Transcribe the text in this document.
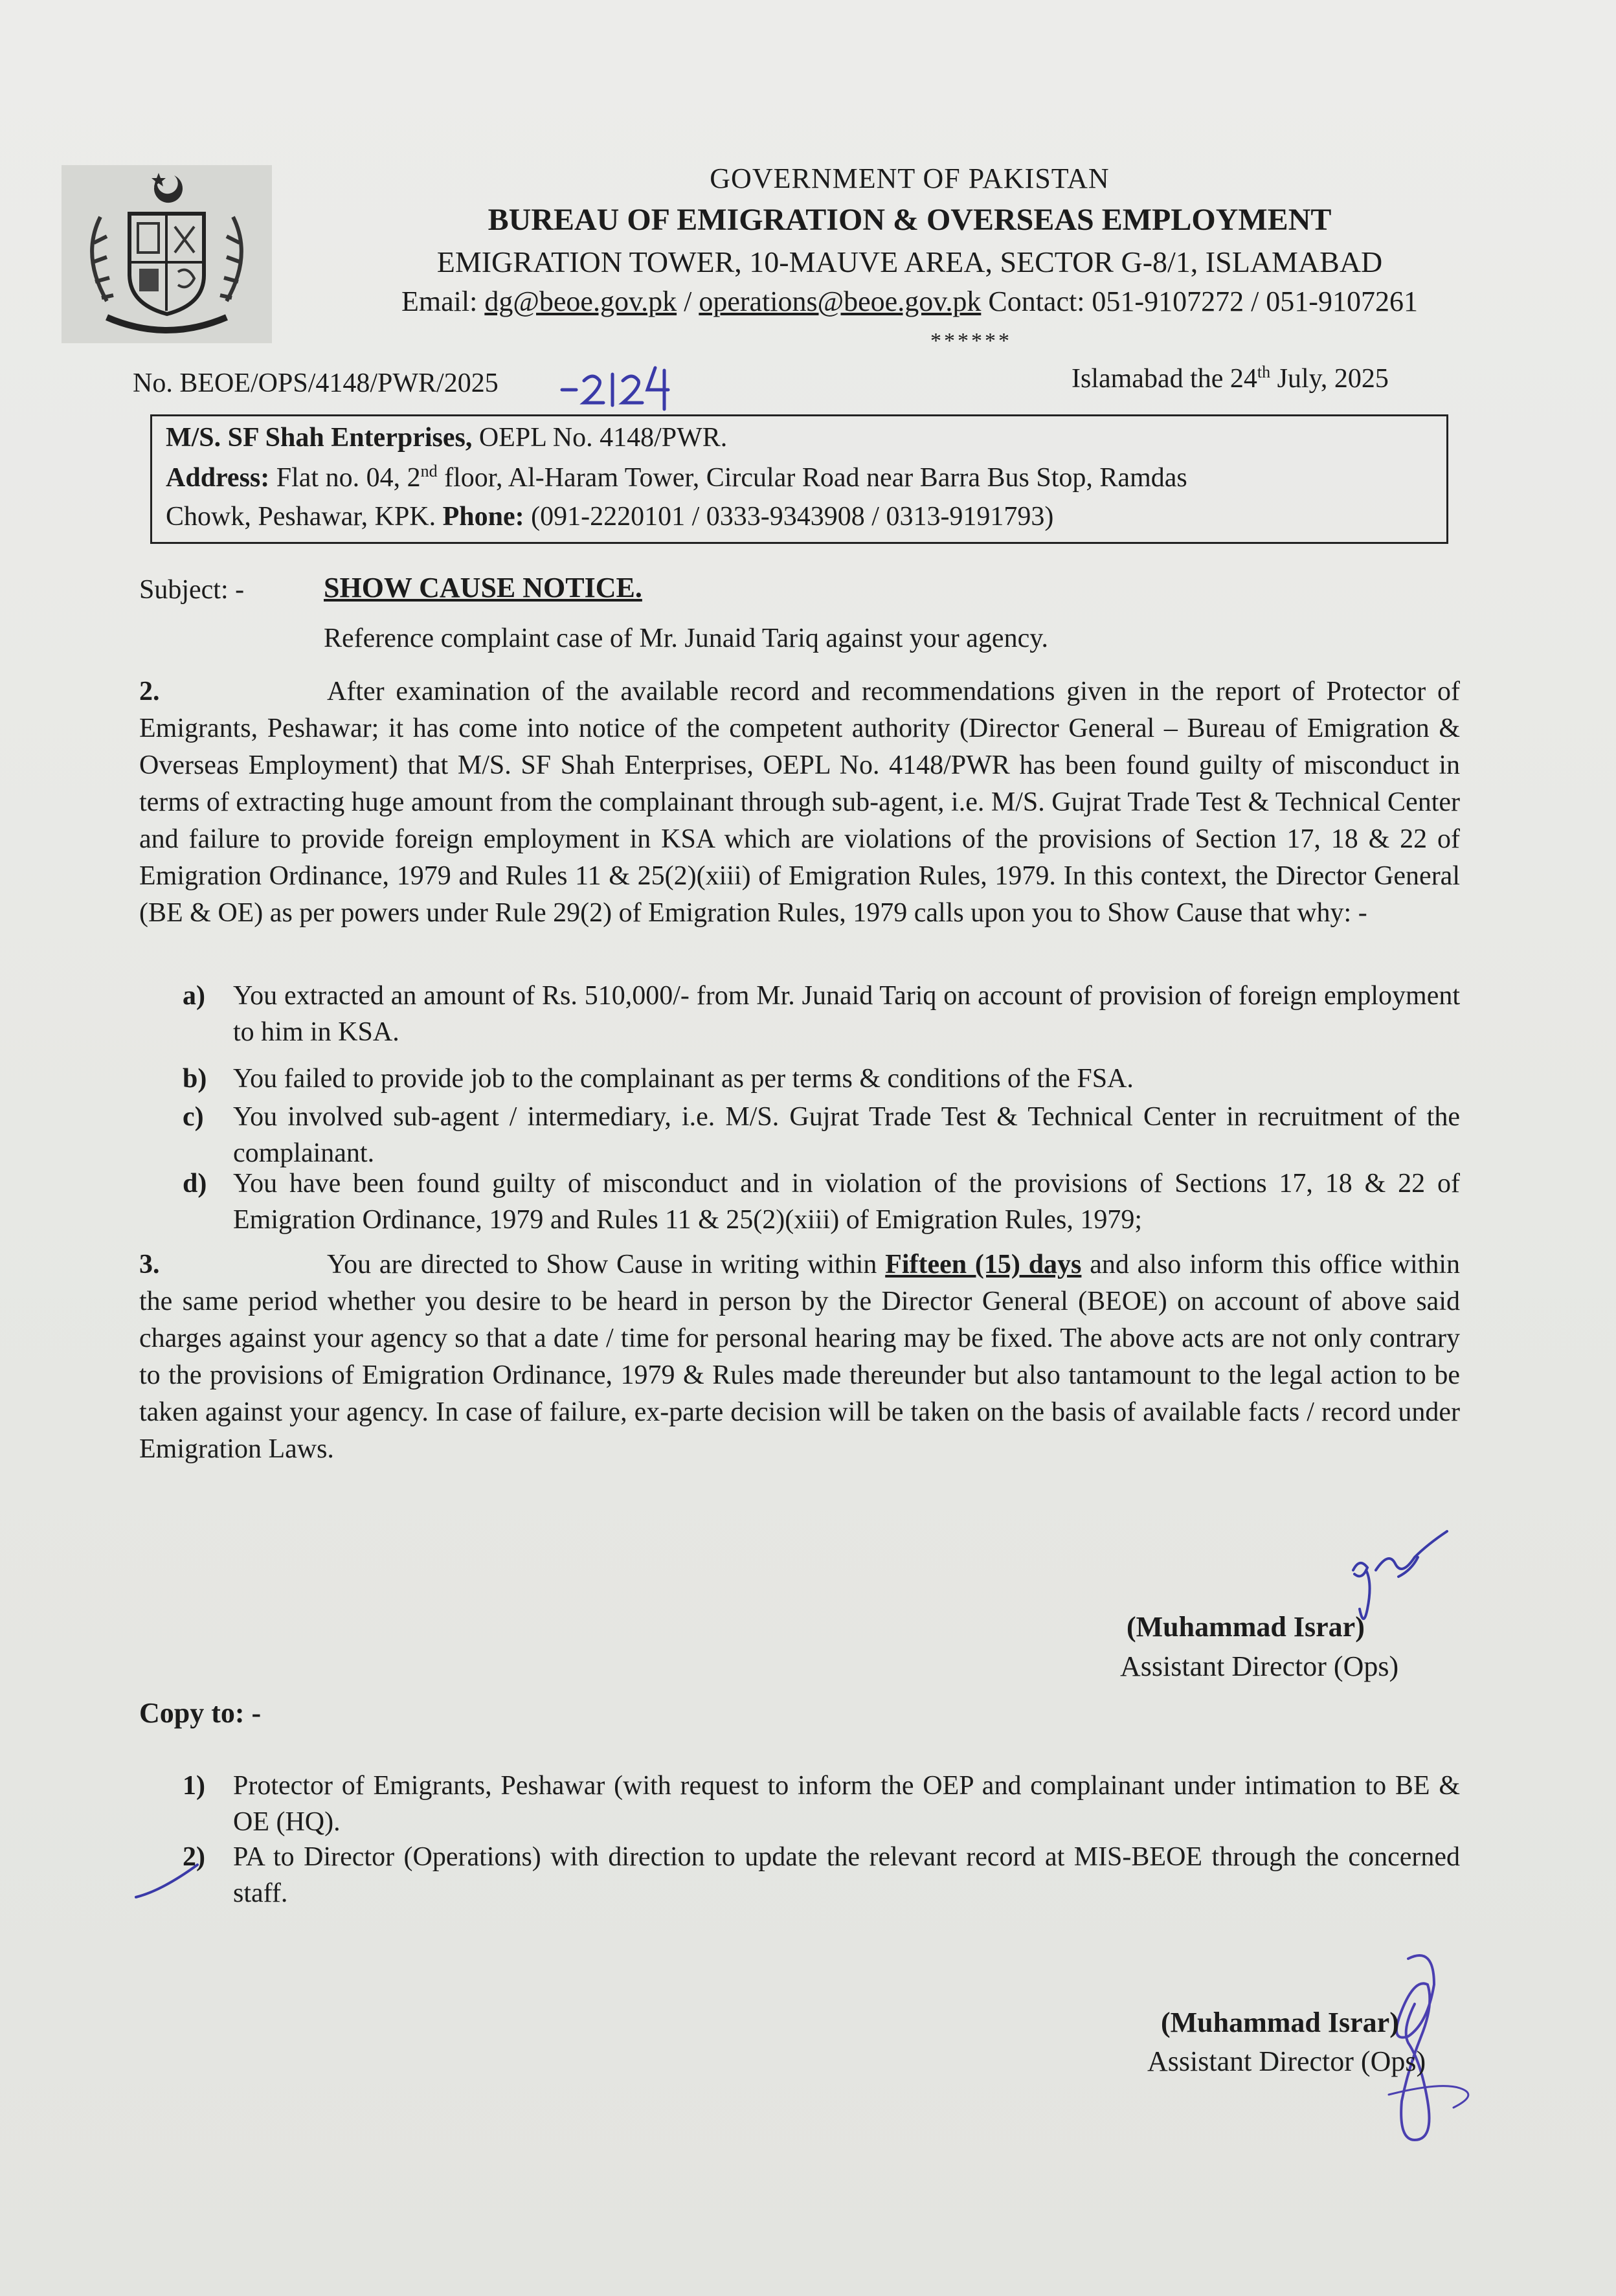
GOVERNMENT OF PAKISTAN
BUREAU OF EMIGRATION & OVERSEAS EMPLOYMENT
EMIGRATION TOWER, 10-MAUVE AREA, SECTOR G-8/1, ISLAMABAD
Email: dg@beoe.gov.pk / operations@beoe.gov.pk Contact: 051-9107272 / 051-9107261
******
No. BEOE/OPS/4148/PWR/2025	Islamabad the 24th July, 2025
M/S. SF Shah Enterprises, OEPL No. 4148/PWR.
Address: Flat no. 04, 2nd floor, Al-Haram Tower, Circular Road near Barra Bus Stop, Ramdas
Chowk, Peshawar, KPK. Phone: (091-2220101 / 0333-9343908 / 0313-9191793)
Subject: -	SHOW CAUSE NOTICE.
Reference complaint case of Mr. Junaid Tariq against your agency.
2.	After examination of the available record and recommendations given in the report of Protector of Emigrants, Peshawar; it has come into notice of the competent authority (Director General – Bureau of Emigration & Overseas Employment) that M/S. SF Shah Enterprises, OEPL No. 4148/PWR has been found guilty of misconduct in terms of extracting huge amount from the complainant through sub-agent, i.e. M/S. Gujrat Trade Test & Technical Center and failure to provide foreign employment in KSA which are violations of the provisions of Section 17, 18 & 22 of Emigration Ordinance, 1979 and Rules 11 & 25(2)(xiii) of Emigration Rules, 1979. In this context, the Director General (BE & OE) as per powers under Rule 29(2) of Emigration Rules, 1979 calls upon you to Show Cause that why: -
a) You extracted an amount of Rs. 510,000/- from Mr. Junaid Tariq on account of provision of foreign employment to him in KSA.
b) You failed to provide job to the complainant as per terms & conditions of the FSA.
c) You involved sub-agent / intermediary, i.e. M/S. Gujrat Trade Test & Technical Center in recruitment of the complainant.
d) You have been found guilty of misconduct and in violation of the provisions of Sections 17, 18 & 22 of Emigration Ordinance, 1979 and Rules 11 & 25(2)(xiii) of Emigration Rules, 1979;
3.	You are directed to Show Cause in writing within Fifteen (15) days and also inform this office within the same period whether you desire to be heard in person by the Director General (BEOE) on account of above said charges against your agency so that a date / time for personal hearing may be fixed. The above acts are not only contrary to the provisions of Emigration Ordinance, 1979 & Rules made thereunder but also tantamount to the legal action to be taken against your agency. In case of failure, ex-parte decision will be taken on the basis of available facts / record under Emigration Laws.
(Muhammad Israr)
Assistant Director (Ops)
Copy to: -
1) Protector of Emigrants, Peshawar (with request to inform the OEP and complainant under intimation to BE & OE (HQ).
2) PA to Director (Operations) with direction to update the relevant record at MIS-BEOE through the concerned staff.
(Muhammad Israr)
Assistant Director (Ops)
